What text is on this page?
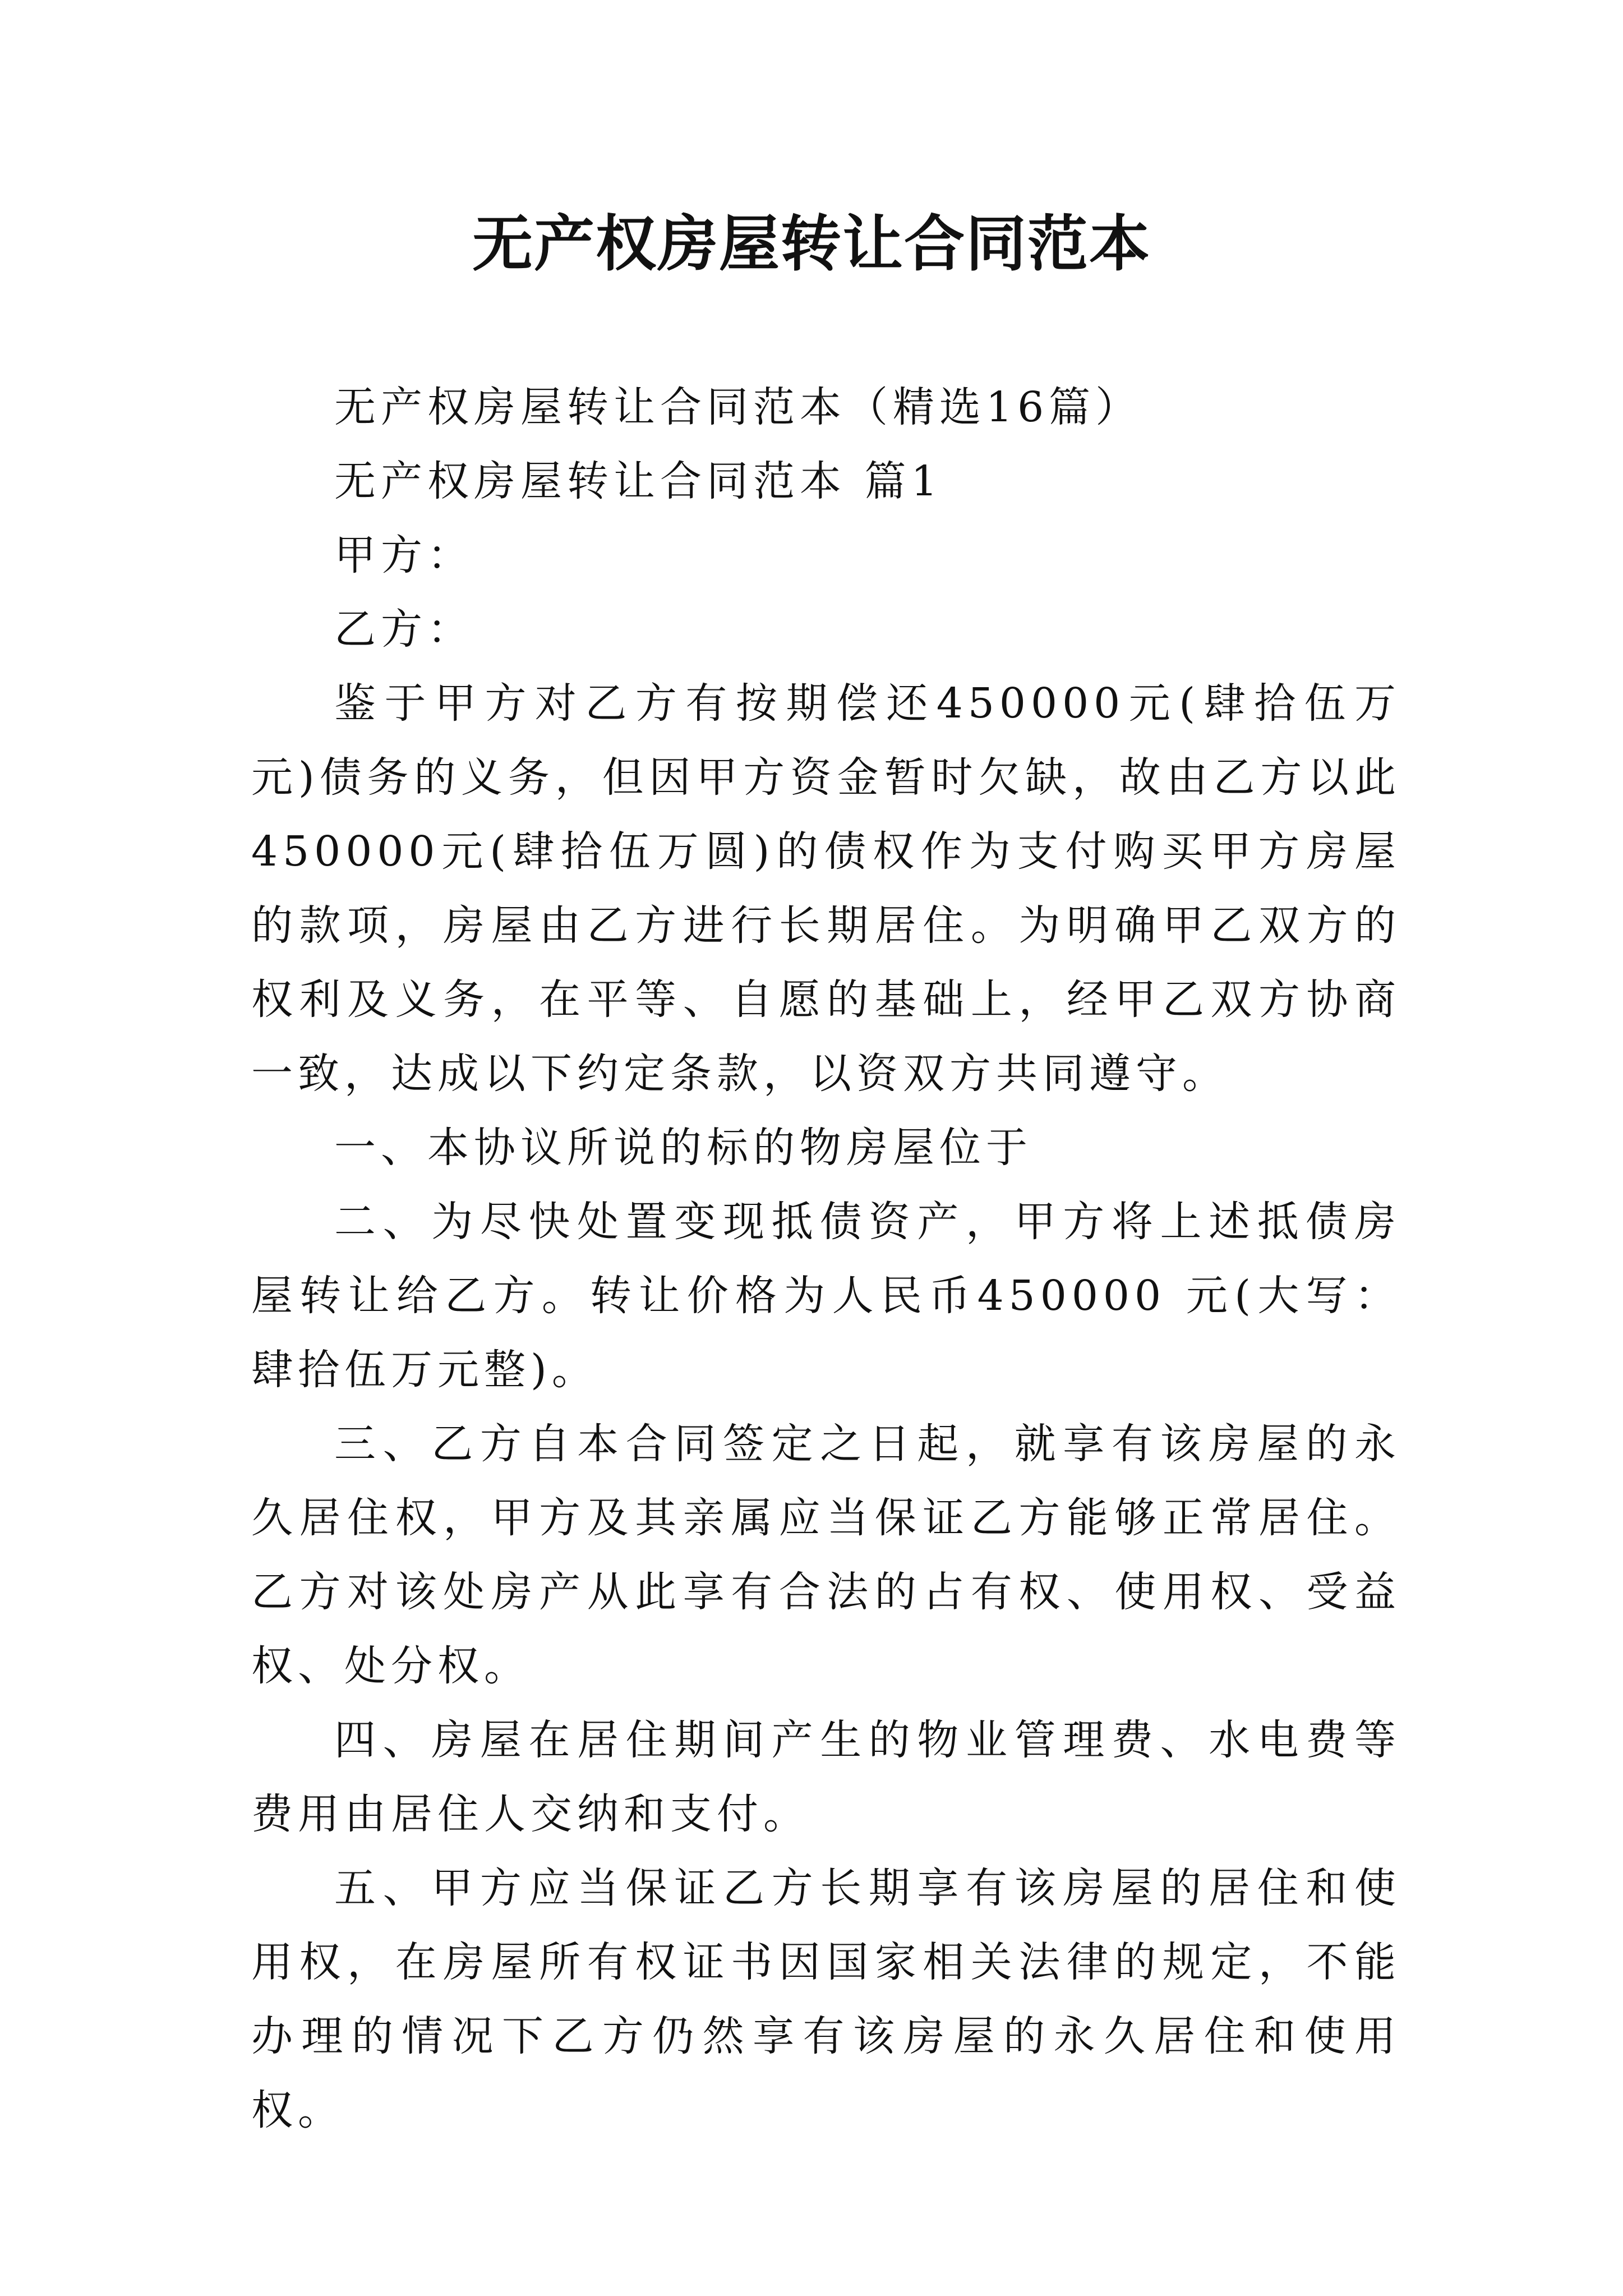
无产权房屋转让合同范本

无产权房屋转让合同范本（精选16篇）

无产权房屋转让合同范本 篇1

甲方：

乙方：

鉴于甲方对乙方有按期偿还450000元(肆拾伍万元)债务的义务，但因甲方资金暂时欠缺，故由乙方以此450000元(肆拾伍万圆)的债权作为支付购买甲方房屋的款项，房屋由乙方进行长期居住。为明确甲乙双方的权利及义务，在平等、自愿的基础上，经甲乙双方协商一致，达成以下约定条款，以资双方共同遵守。

一、本协议所说的标的物房屋位于

二、为尽快处置变现抵债资产，甲方将上述抵债房屋转让给乙方。转让价格为人民币450000 元(大写：肆拾伍万元整)。

三、乙方自本合同签定之日起，就享有该房屋的永久居住权，甲方及其亲属应当保证乙方能够正常居住。乙方对该处房产从此享有合法的占有权、使用权、受益权、处分权。

四、房屋在居住期间产生的物业管理费、水电费等费用由居住人交纳和支付。

五、甲方应当保证乙方长期享有该房屋的居住和使用权，在房屋所有权证书因国家相关法律的规定，不能办理的情况下乙方仍然享有该房屋的永久居住和使用权。
